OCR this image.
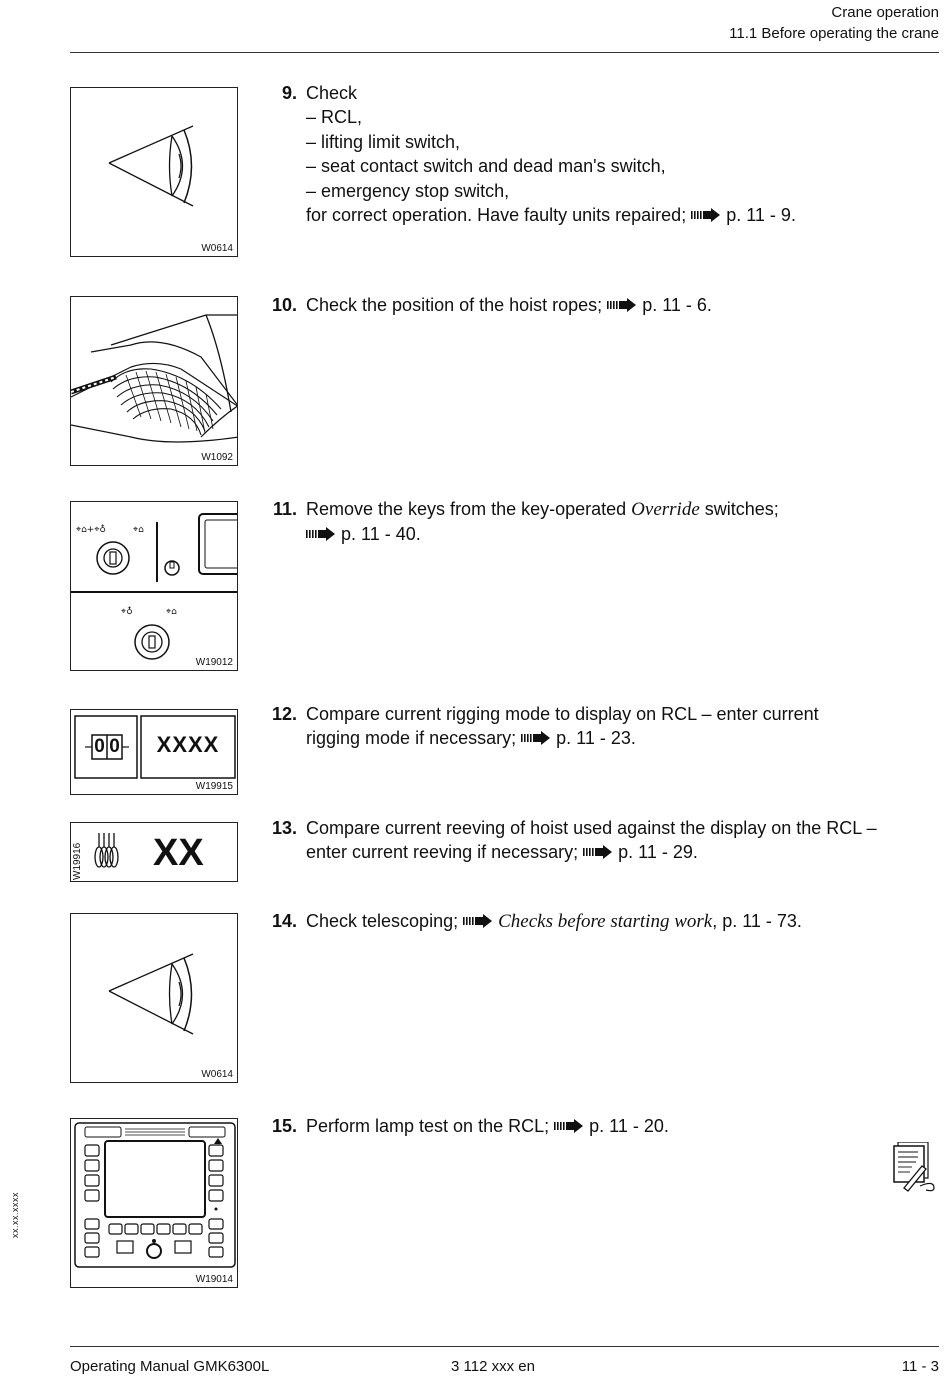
Crane operation
11.1 Before operating the crane
W0614
9. Check
– RCL,
– lifting limit switch,
– seat contact switch and dead man's switch,
– emergency stop switch,
for correct operation. Have faulty units repaired; p. 11 - 9.
W1092
10. Check the position of the hoist ropes; p. 11 - 6.
⌖⌂+⌖♁	⌖⌂
⌖♁	⌖⌂
W19012
11. Remove the keys from the key-operated Override switches;
p. 11 - 40.
0 0	XXXX
W19915
12. Compare current rigging mode to display on RCL – enter current
rigging mode if necessary; p. 11 - 23.
W19916 XX
13. Compare current reeving of hoist used against the display on the RCL –
enter current reeving if necessary; p. 11 - 29.
W0614
14. Check telescoping; Checks before starting work, p. 11 - 73.
W19014
15. Perform lamp test on the RCL; p. 11 - 20.
xx.xx.xxxx
Operating Manual GMK6300L	3 112 xxx en	11 - 3
